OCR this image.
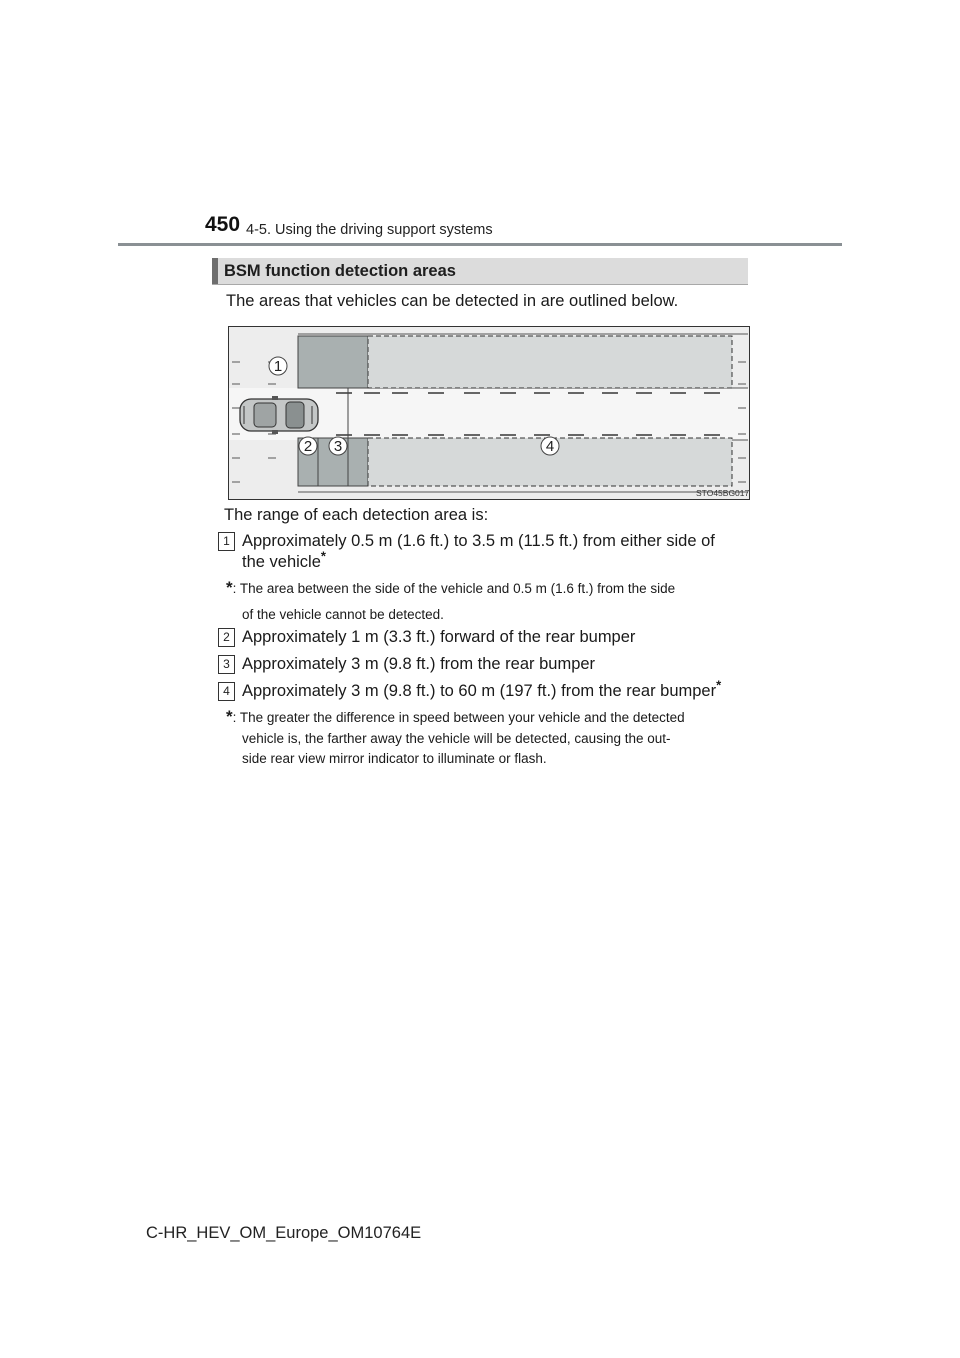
450 4-5. Using the driving support systems
BSM function detection areas
The areas that vehicles can be detected in are outlined below.
1
2 3	4
STO45BG017
The range of each detection area is:
1 Approximately 0.5 m (1.6 ft.) to 3.5 m (11.5 ft.) from either side of
the vehicle*
*: The area between the side of the vehicle and 0.5 m (1.6 ft.) from the side
of the vehicle cannot be detected.
2 Approximately 1 m (3.3 ft.) forward of the rear bumper
3 Approximately 3 m (9.8 ft.) from the rear bumper
4 Approximately 3 m (9.8 ft.) to 60 m (197 ft.) from the rear bumper*
*: The greater the difference in speed between your vehicle and the detected
vehicle is, the farther away the vehicle will be detected, causing the out-
side rear view mirror indicator to illuminate or flash.
C-HR_HEV_OM_Europe_OM10764E
